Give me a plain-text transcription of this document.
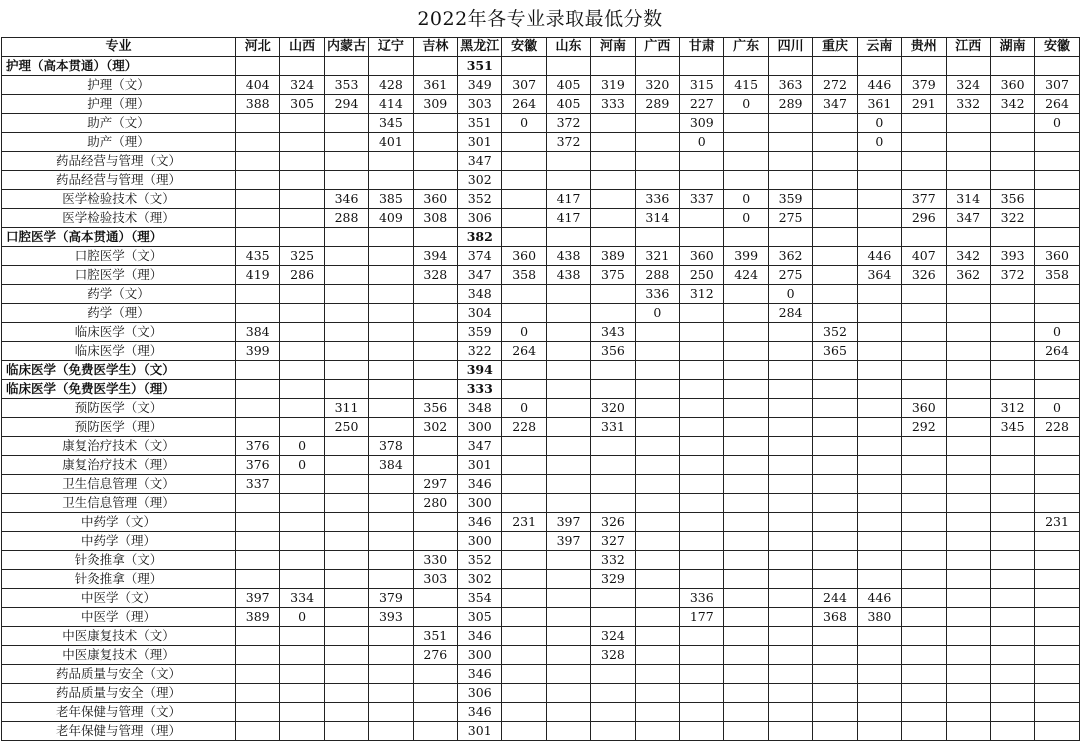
2022年各专业录取最低分数
专业	河北	山西	内蒙古	辽宁	吉林	黑龙江	安徽	山东	河南	广西	甘肃	广东	四川	重庆	云南	贵州	江西	湖南	安徽
护理（高本贯通）（理）						351													
护理（文）	404	324	353	428	361	349	307	405	319	320	315	415	363	272	446	379	324	360	307
护理（理）	388	305	294	414	309	303	264	405	333	289	227	0	289	347	361	291	332	342	264
助产（文）				345		351	0	372			309				0				0
助产（理）				401		301		372			0				0				
药品经营与管理（文）						347													
药品经营与管理（理）						302													
医学检验技术（文）			346	385	360	352		417		336	337	0	359			377	314	356	
医学检验技术（理）			288	409	308	306		417		314		0	275			296	347	322	
口腔医学（高本贯通）（理）						382													
口腔医学（文）	435	325			394	374	360	438	389	321	360	399	362		446	407	342	393	360
口腔医学（理）	419	286			328	347	358	438	375	288	250	424	275		364	326	362	372	358
药学（文）						348				336	312		0						
药学（理）						304				0			284						
临床医学（文）	384					359	0		343					352					0
临床医学（理）	399					322	264		356					365					264
临床医学（免费医学生）（文）						394													
临床医学（免费医学生）（理）						333													
预防医学（文）			311		356	348	0		320							360		312	0
预防医学（理）			250		302	300	228		331							292		345	228
康复治疗技术（文）	376	0		378		347													
康复治疗技术（理）	376	0		384		301													
卫生信息管理（文）	337				297	346													
卫生信息管理（理）					280	300													
中药学（文）						346	231	397	326										231
中药学（理）						300		397	327										
针灸推拿（文）					330	352			332										
针灸推拿（理）					303	302			329										
中医学（文）	397	334		379		354					336			244	446				
中医学（理）	389	0		393		305					177			368	380				
中医康复技术（文）					351	346			324										
中医康复技术（理）					276	300			328										
药品质量与安全（文）						346													
药品质量与安全（理）						306													
老年保健与管理（文）						346													
老年保健与管理（理）						301													
